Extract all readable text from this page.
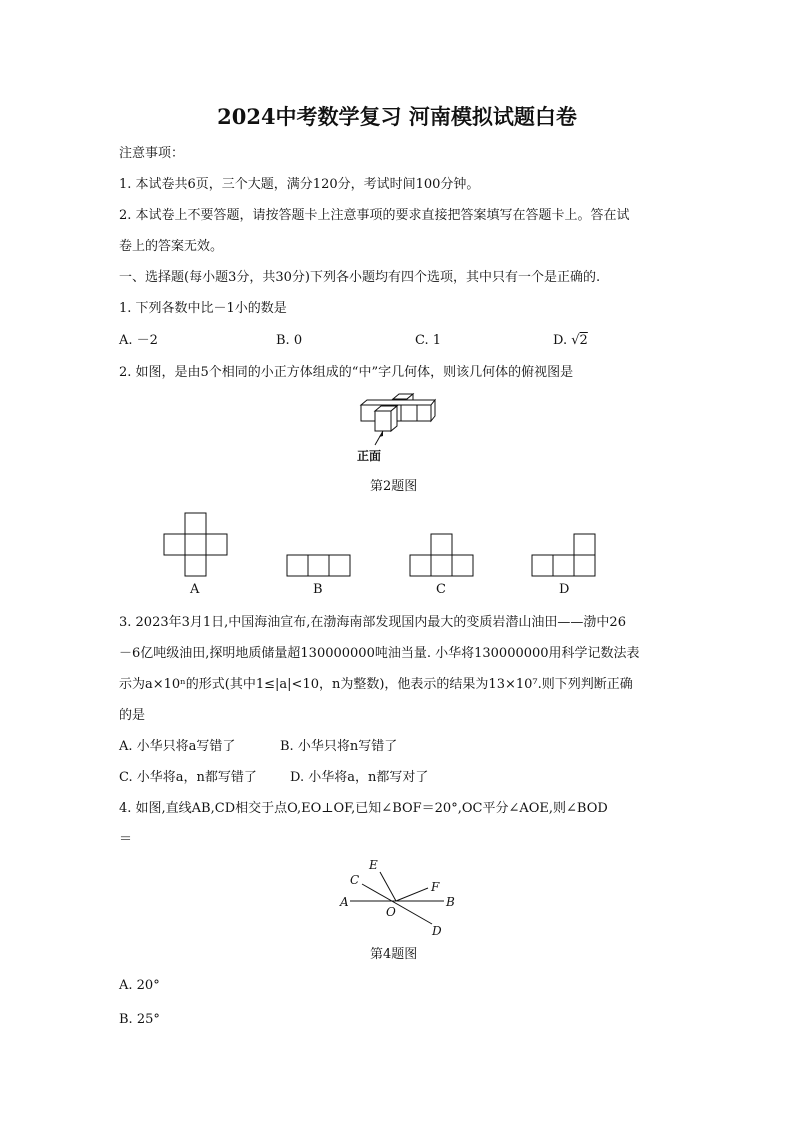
2024中考数学复习 河南模拟试题白卷
注意事项：
1. 本试卷共6页，三个大题，满分120分，考试时间100分钟。
2. 本试卷上不要答题，请按答题卡上注意事项的要求直接把答案填写在答题卡上。答在试
卷上的答案无效。
一、选择题(每小题3分，共30分)下列各小题均有四个选项，其中只有一个是正确的.
1. 下列各数中比－1小的数是
A. －2	B. 0	C. 1	D. √2
2. 如图，是由5个相同的小正方体组成的“中”字几何体，则该几何体的俯视图是
正面
第2题图
A	B	C	D
3. 2023年3月1日,中国海油宣布,在渤海南部发现国内最大的变质岩潜山油田——渤中26
－6亿吨级油田,探明地质储量超130000000吨油当量. 小华将130000000用科学记数法表
示为a×10ⁿ的形式(其中1≤|a|<10，n为整数)，他表示的结果为13×10⁷.则下列判断正确
的是
A. 小华只将a写错了	B. 小华只将n写错了
C. 小华将a，n都写错了	D. 小华将a，n都写对了
4. 如图,直线AB,CD相交于点O,EO⊥OF,已知∠BOF＝20°,OC平分∠AOE,则∠BOD
＝
A	B
C
D
E
F
O
第4题图
A. 20°
B. 25°
